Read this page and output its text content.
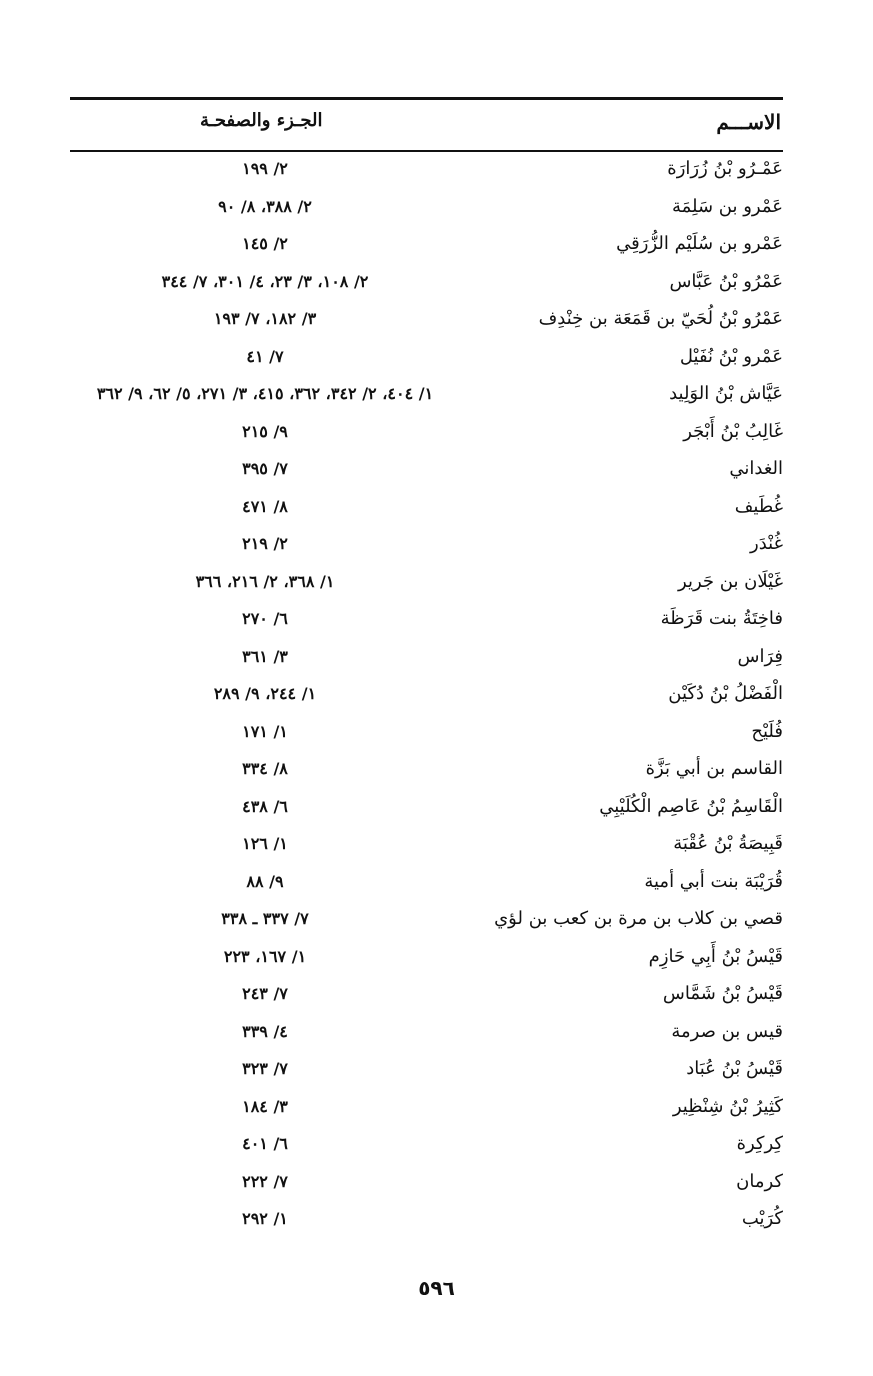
الاســـم
الجـزء والصفحـة
عَمْـرُو بْنُ زُرَارَة
٢/ ١٩٩
عَمْرو بن سَلِمَة
٢/ ٣٨٨، ٨/ ٩٠
عَمْرو بن سُلَيْم الزُّرَقِي
٢/ ١٤٥
عَمْرُو بْنُ عَبَّاس
٢/ ١٠٨، ٣/ ٢٣، ٤/ ٣٠١، ٧/ ٣٤٤
عَمْرُو بْنُ لُحَيّ بن قَمَعَة بن خِنْدِف
٣/ ١٨٢، ٧/ ١٩٣
عَمْرو بْنُ نُفَيْل
٧/ ٤١
عَيَّاش بْنُ الوَلِيد
١/ ٤٠٤، ٢/ ٣٤٢، ٣٦٢، ٤١٥، ٣/ ٢٧١، ٥/ ٦٢، ٩/ ٣٦٢
غَالِبُ بْنُ أَبْجَر
٩/ ٢١٥
الغداني
٧/ ٣٩٥
غُطَيف
٨/ ٤٧١
غُنْدَر
٢/ ٢١٩
غَيْلَان بن جَرير
١/ ٣٦٨، ٢/ ٢١٦، ٣٦٦
فاخِتَةُ بنت قَرَظَة
٦/ ٢٧٠
فِرَاس
٣/ ٣٦١
الْفَضْلُ بْنُ دُكَيْن
١/ ٢٤٤، ٩/ ٢٨٩
فُلَيْح
١/ ١٧١
القاسم بن أبي بَزَّة
٨/ ٣٣٤
الْقَاسِمُ بْنُ عَاصِم الْكُلَيْبِي
٦/ ٤٣٨
قَبِيصَةُ بْنُ عُقْبَة
١/ ١٢٦
قُرَيْبَة بنت أبي أمية
٩/ ٨٨
قصي بن كلاب بن مرة بن كعب بن لؤي
٧/ ٣٣٧ ـ ٣٣٨
قَيْسُ بْنُ أَبِي حَازِم
١/ ١٦٧، ٢٢٣
قَيْسُ بْنُ شَمَّاس
٧/ ٢٤٣
قيس بن صرمة
٤/ ٣٣٩
قَيْسُ بْنُ عُبَاد
٧/ ٣٢٣
كَثِيرُ بْنُ شِنْظِير
٣/ ١٨٤
كِركِرة
٦/ ٤٠١
كرمان
٧/ ٢٢٢
كُرَيْب
١/ ٢٩٢
٥٩٦
